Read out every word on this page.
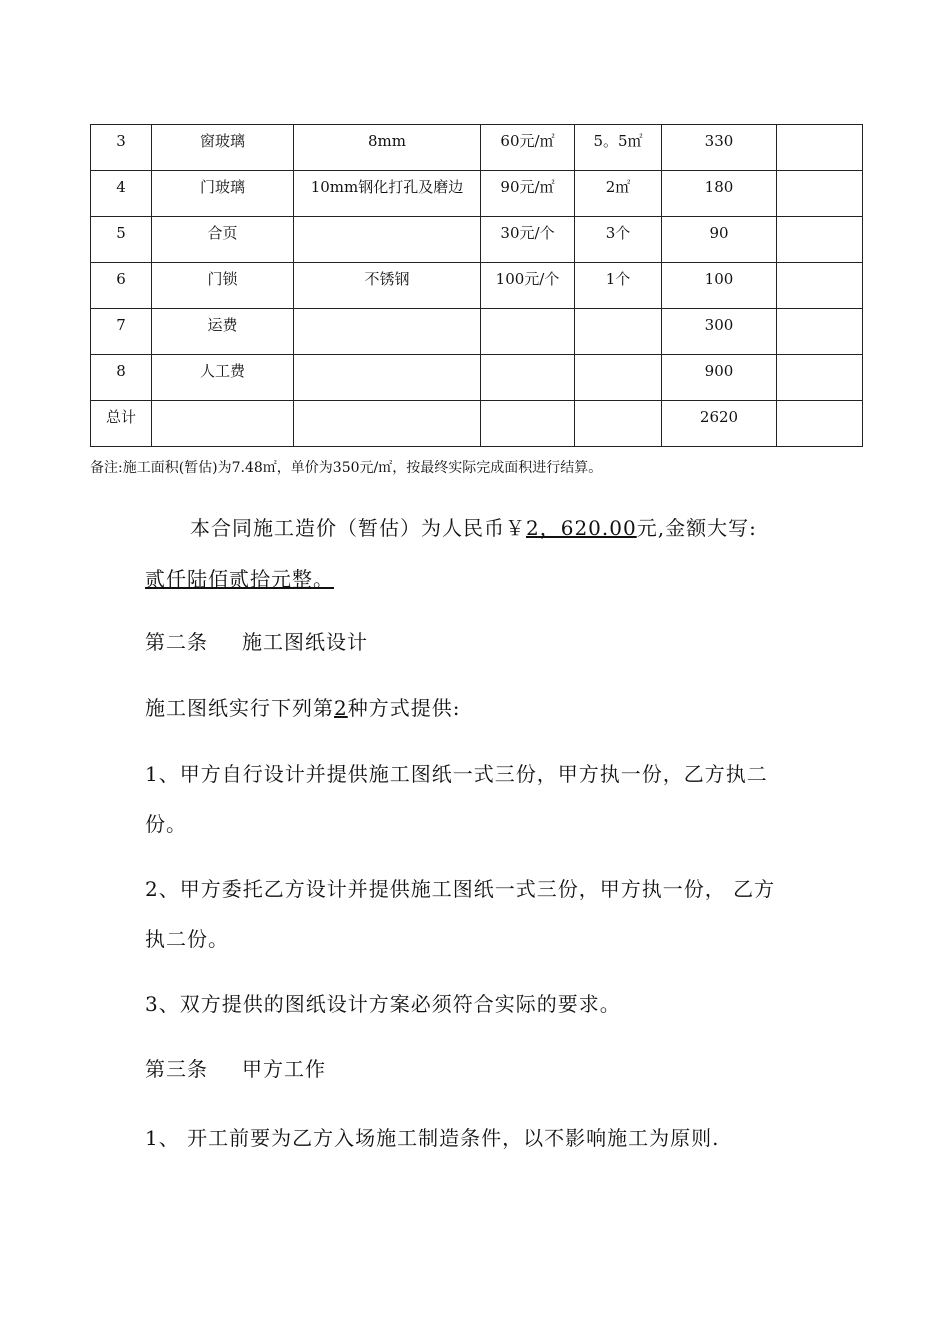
3	窗玻璃	8mm	60元/㎡	5。5㎡	330	
4	门玻璃	10mm钢化打孔及磨边	90元/㎡	2㎡	180	
5	合页		30元/个	3个	90	
6	门锁	不锈钢	100元/个	1个	100	
7	运费				300	
8	人工费				900	
总计					2620	
备注:施工面积(暂估)为7.48㎡，单价为350元/㎡，按最终实际完成面积进行结算。
本合同施工造价（暂估）为人民币￥2，620.00元,金额大写:
贰仟陆佰贰拾元整。
第二条 施工图纸设计
施工图纸实行下列第2种方式提供:
1、甲方自行设计并提供施工图纸一式三份，甲方执一份，乙方执二
份。
2、甲方委托乙方设计并提供施工图纸一式三份，甲方执一份， 乙方
执二份。
3、双方提供的图纸设计方案必须符合实际的要求。
第三条 甲方工作
1、 开工前要为乙方入场施工制造条件，以不影响施工为原则.
